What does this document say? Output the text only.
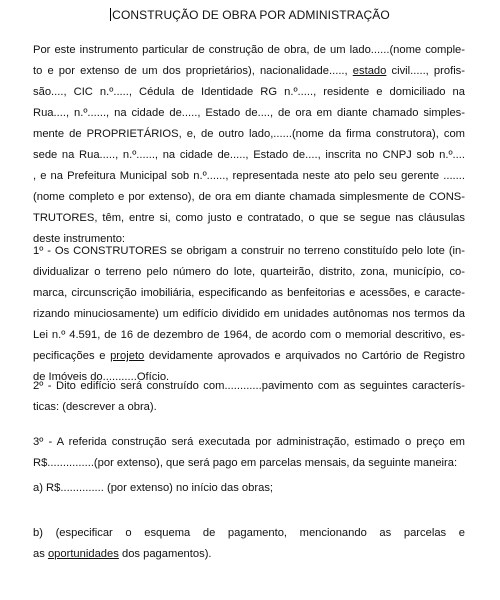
CONSTRUÇÃO DE OBRA POR ADMINISTRAÇÃO
Por este instrumento particular de construção de obra, de um lado......(nome comple-
to e por extenso de um dos proprietários), nacionalidade....., estado civil....., profis-
são...., CIC n.º....., Cédula de Identidade RG n.º....., residente e domiciliado na
Rua...., n.º......, na cidade de....., Estado de...., de ora em diante chamado simples-
mente de PROPRIETÁRIOS, e, de outro lado,......(nome da firma construtora), com
sede na Rua....., n.º......, na cidade de....., Estado de...., inscrita no CNPJ sob n.º....
, e na Prefeitura Municipal sob n.º......, representada neste ato pelo seu gerente .......
(nome completo e por extenso), de ora em diante chamada simplesmente de CONS-
TRUTORES, têm, entre si, como justo e contratado, o que se segue nas cláusulas
deste instrumento:
1º - Os CONSTRUTORES se obrigam a construir no terreno constituído pelo lote (in-
dividualizar o terreno pelo número do lote, quarteirão, distrito, zona, município, co-
marca, circunscrição imobiliária, especificando as benfeitorias e acessões, e caracte-
rizando minuciosamente) um edifício dividido em unidades autônomas nos termos da
Lei n.º 4.591, de 16 de dezembro de 1964, de acordo com o memorial descritivo, es-
pecificações e projeto devidamente aprovados e arquivados no Cartório de Registro
de Imóveis do...........Ofício.
2º - Dito edifício será construído com............pavimento com as seguintes caracterís-
ticas: (descrever a obra).
3º - A referida construção será executada por administração, estimado o preço em
R$...............(por extenso), que será pago em parcelas mensais, da seguinte maneira:
a) R$.............. (por extenso) no início das obras;
b) (especificar o esquema de pagamento, mencionando as parcelas e
as oportunidades dos pagamentos).
